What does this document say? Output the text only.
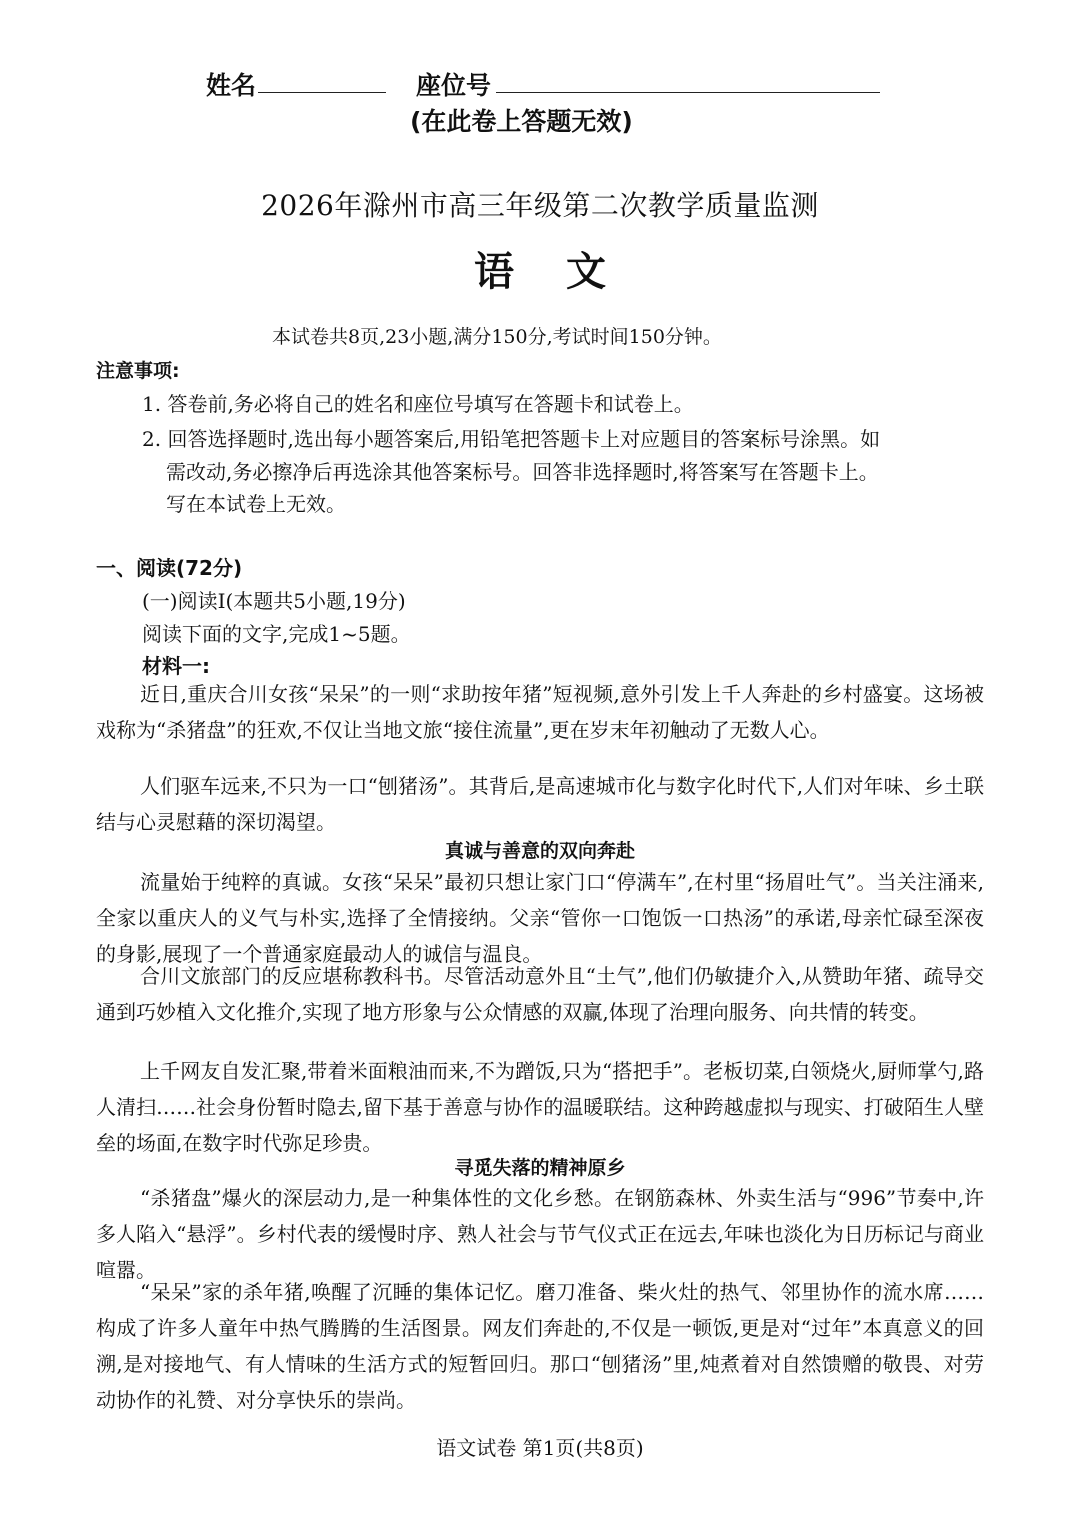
姓名	座位号
(在此卷上答题无效)
2026年滁州市高三年级第二次教学质量监测
语文
本试卷共8页,23小题,满分150分,考试时间150分钟。
注意事项:
1. 答卷前,务必将自己的姓名和座位号填写在答题卡和试卷上。
2. 回答选择题时,选出每小题答案后,用铅笔把答题卡上对应题目的答案标号涂黑。如
需改动,务必擦净后再选涂其他答案标号。回答非选择题时,将答案写在答题卡上。
写在本试卷上无效。
一、阅读(72分)
(一)阅读Ⅰ(本题共5小题,19分)
阅读下面的文字,完成1~5题。
材料一:
近日,重庆合川女孩“呆呆”的一则“求助按年猪”短视频,意外引发上千人奔赴的乡村盛宴。这场被戏称为“杀猪盘”的狂欢,不仅让当地文旅“接住流量”,更在岁末年初触动了无数人心。
人们驱车远来,不只为一口“刨猪汤”。其背后,是高速城市化与数字化时代下,人们对年味、乡土联结与心灵慰藉的深切渴望。
真诚与善意的双向奔赴
流量始于纯粹的真诚。女孩“呆呆”最初只想让家门口“停满车”,在村里“扬眉吐气”。当关注涌来,全家以重庆人的义气与朴实,选择了全情接纳。父亲“管你一口饱饭一口热汤”的承诺,母亲忙碌至深夜的身影,展现了一个普通家庭最动人的诚信与温良。
合川文旅部门的反应堪称教科书。尽管活动意外且“土气”,他们仍敏捷介入,从赞助年猪、疏导交通到巧妙植入文化推介,实现了地方形象与公众情感的双赢,体现了治理向服务、向共情的转变。
上千网友自发汇聚,带着米面粮油而来,不为蹭饭,只为“搭把手”。老板切菜,白领烧火,厨师掌勺,路人清扫……社会身份暂时隐去,留下基于善意与协作的温暖联结。这种跨越虚拟与现实、打破陌生人壁垒的场面,在数字时代弥足珍贵。
寻觅失落的精神原乡
“杀猪盘”爆火的深层动力,是一种集体性的文化乡愁。在钢筋森林、外卖生活与“996”节奏中,许多人陷入“悬浮”。乡村代表的缓慢时序、熟人社会与节气仪式正在远去,年味也淡化为日历标记与商业喧嚣。
“呆呆”家的杀年猪,唤醒了沉睡的集体记忆。磨刀准备、柴火灶的热气、邻里协作的流水席……构成了许多人童年中热气腾腾的生活图景。网友们奔赴的,不仅是一顿饭,更是对“过年”本真意义的回溯,是对接地气、有人情味的生活方式的短暂回归。那口“刨猪汤”里,炖煮着对自然馈赠的敬畏、对劳动协作的礼赞、对分享快乐的崇尚。
语文试卷 第1页(共8页)
